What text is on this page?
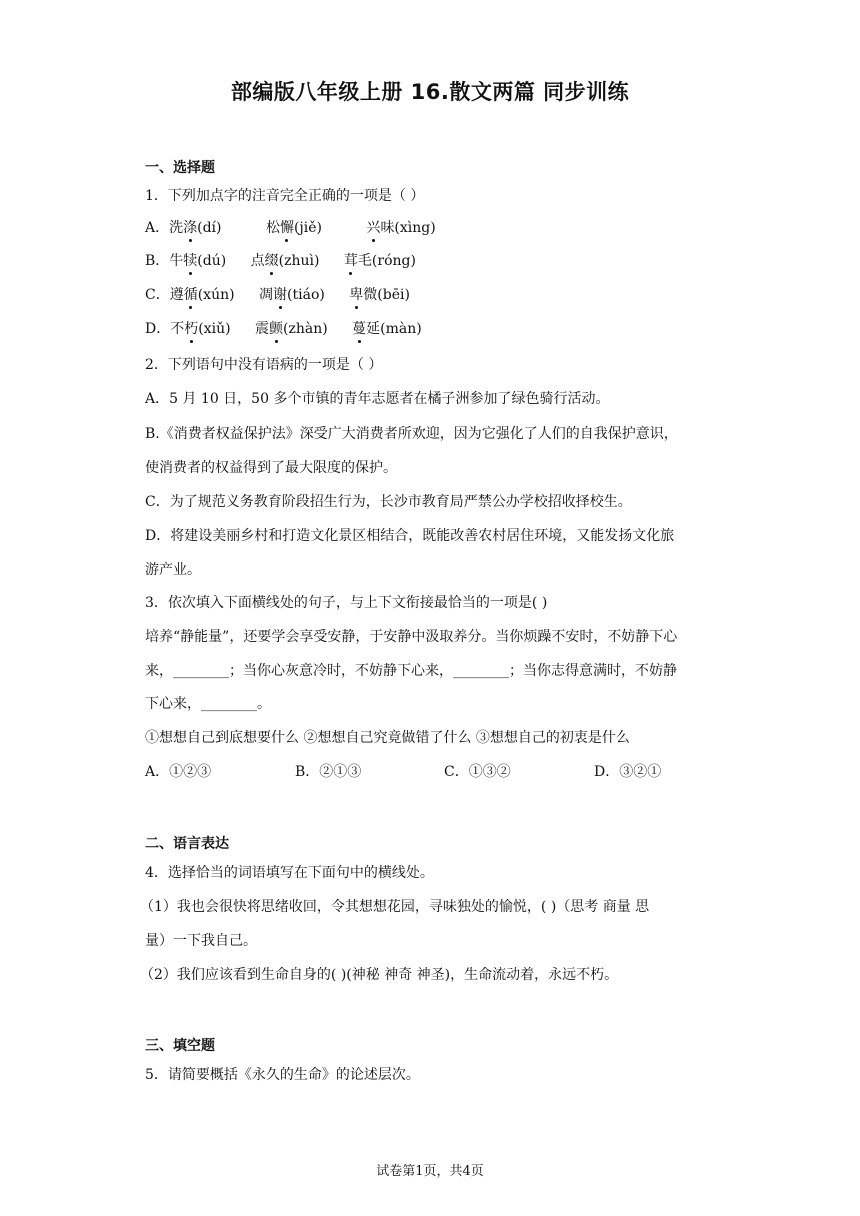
部编版八年级上册 16.散文两篇 同步训练
一、选择题
1．下列加点字的注音完全正确的一项是（ ）
A．洗涤(dí)	松懈(jiě)	兴味(xìng)
B．牛犊(dú) 点缀(zhuì) 茸毛(róng)
C．遵循(xún) 凋谢(tiáo) 卑微(bēi)
D．不朽(xiǔ) 震颤(zhàn) 蔓延(màn)
2．下列语句中没有语病的一项是（ ）
A．5 月 10 日，50 多个市镇的青年志愿者在橘子洲参加了绿色骑行活动。
B.《消费者权益保护法》深受广大消费者所欢迎，因为它强化了人们的自我保护意识，
使消费者的权益得到了最大限度的保护。
C．为了规范义务教育阶段招生行为，长沙市教育局严禁公办学校招收择校生。
D．将建设美丽乡村和打造文化景区相结合，既能改善农村居住环境，又能发扬文化旅
游产业。
3．依次填入下面横线处的句子，与上下文衔接最恰当的一项是( )
培养“静能量”，还要学会享受安静，于安静中汲取养分。当你烦躁不安时，不妨静下心
来，________；当你心灰意冷时，不妨静下心来，________；当你志得意满时，不妨静
下心来，________。
①想想自己到底想要什么 ②想想自己究竟做错了什么 ③想想自己的初衷是什么
A．①②③	B．②①③	C．①③②	D．③②①
二、语言表达
4．选择恰当的词语填写在下面句中的横线处。
（1）我也会很快将思绪收回，令其想想花园，寻味独处的愉悦，( )（思考 商量 思
量）一下我自己。
（2）我们应该看到生命自身的( )(神秘 神奇 神圣)，生命流动着，永远不朽。
三、填空题
5．请简要概括《永久的生命》的论述层次。
试卷第1页，共4页
